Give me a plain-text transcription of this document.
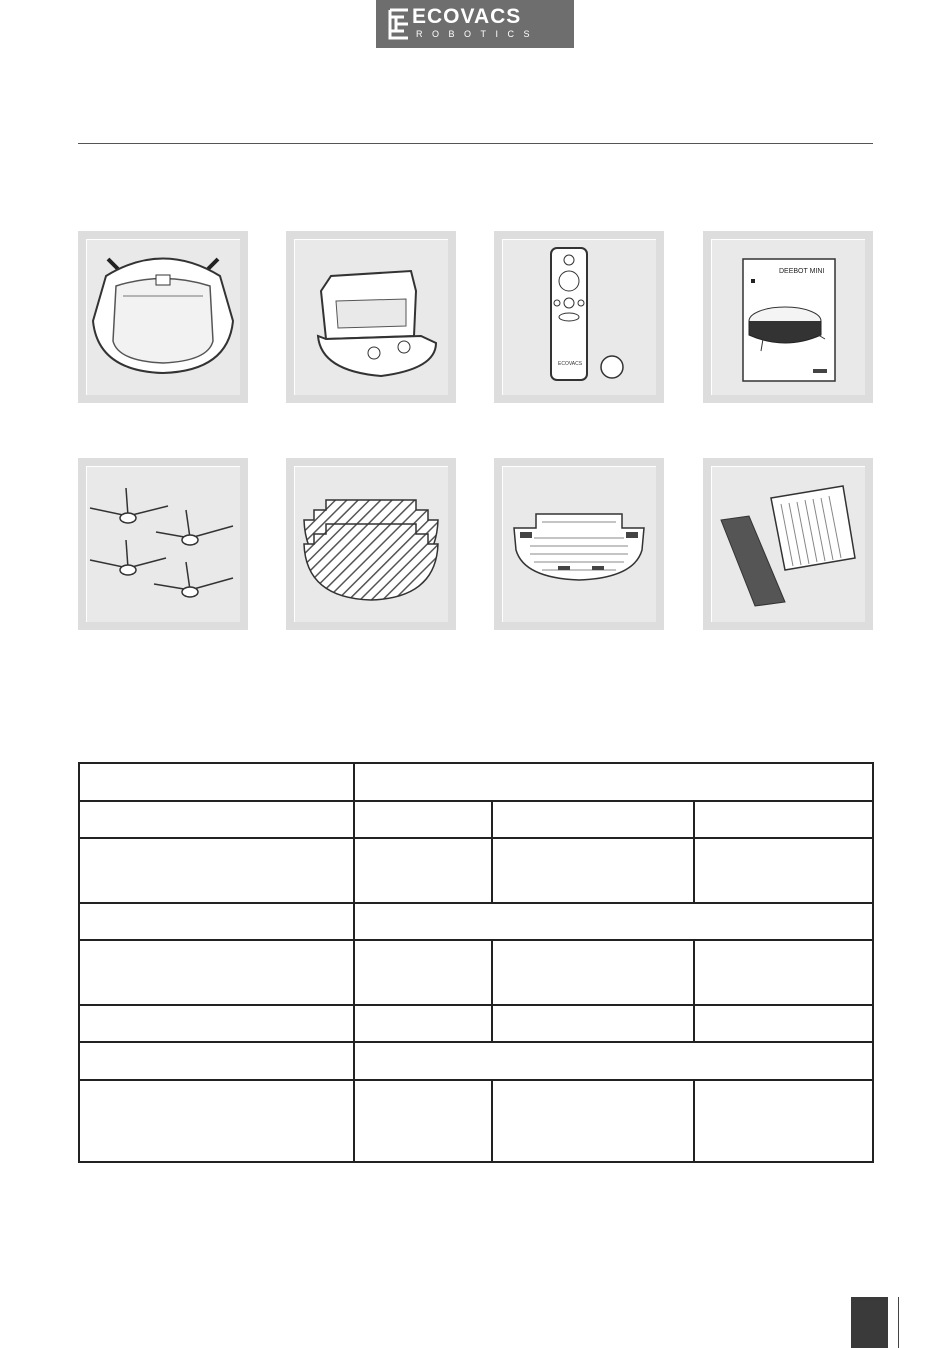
ECOVACS
ROBOTICS
ECOVACS
DEEBOT MINI
